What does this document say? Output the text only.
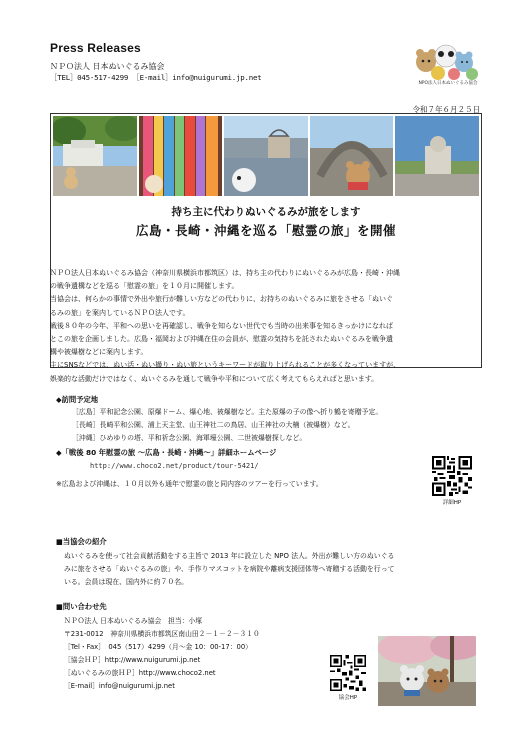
Press Releases
ＮＰＯ法人 日本ぬいぐるみ協会
［TEL］045-517-4299 ［E-mail］info@nuigurumi.jp.net
NPO法人日本ぬいぐるみ協会
令和７年６月２５日
持ち主に代わりぬいぐるみが旅をします
広島・長崎・沖縄を巡る「慰霊の旅」を開催
ＮＰＯ法人日本ぬいぐるみ協会（神奈川県横浜市都筑区）は、持ち主の代わりにぬいぐるみが広島・長崎・沖縄
の戦争遺構などを巡る「慰霊の旅」を１０月に開催します。
当協会は、何らかの事情で外出や旅行が難しい方などの代わりに、お持ちのぬいぐるみに旅をさせる「ぬいぐ
るみの旅」を案内しているＮＰＯ法人です。
戦後８０年の今年、平和への思いを再確認し、戦争を知らない世代でも当時の出来事を知るきっかけになれば
とこの旅を企画しました。広島・福岡および沖縄在住の会員が、慰霊の気持ちを託されたぬいぐるみを戦争遺
構や被爆樹などに案内します。
主にSNSなどでは、ぬい活・ぬい撮り・ぬい旅というキーワードが取り上げられることが多くなっていますが、
娯楽的な活動だけではなく、ぬいぐるみを通して戦争や平和について広く考えてもらえればと思います。
◆訪問予定地
［広島］平和記念公園、原爆ドーム、爆心地、被爆樹など。主た原爆の子の像へ折り鶴を寄贈予定。
［長崎］長崎平和公園、浦上天主堂、山王神社二の鳥居、山王神社の大楠（被爆樹）など。
［沖縄］ひめゆりの塔、平和祈念公園、海軍壕公園、二世被爆樹探しなど。
◆「戦後 80 年慰霊の旅 ～広島・長崎・沖縄～」詳細ホームページ
http://www.choco2.net/product/tour-5421/
※広島および沖縄は、１０月以外も通年で慰霊の旅と同内容のツアーを行っています。
詳細HP
■当協会の紹介
ぬいぐるみを使って社会貢献活動をする主旨で 2013 年に設立した NPO 法人。外出が難しい方のぬいぐる
みに旅をさせる「ぬいぐるみの旅」や、手作りマスコットを病院や離病支援団体等へ寄贈する活動を行って
いる。会員は現在、国内外に約７０名。
■問い合わせ先
ＮＰＯ法人 日本ぬいぐるみ協会　担当：小塚
〒231-0012　神奈川県横浜市都筑区南山田２－１－２－３１０
［Tel・Fax］　045（517）4299（月～金 10：00-17：00）
［協会ＨＰ］http://www.nuigurumi.jp.net
［ぬいぐるみの旅ＨＰ］http://www.choco2.net
［E-mail］info@nuigurumi.jp.net
協会HP
